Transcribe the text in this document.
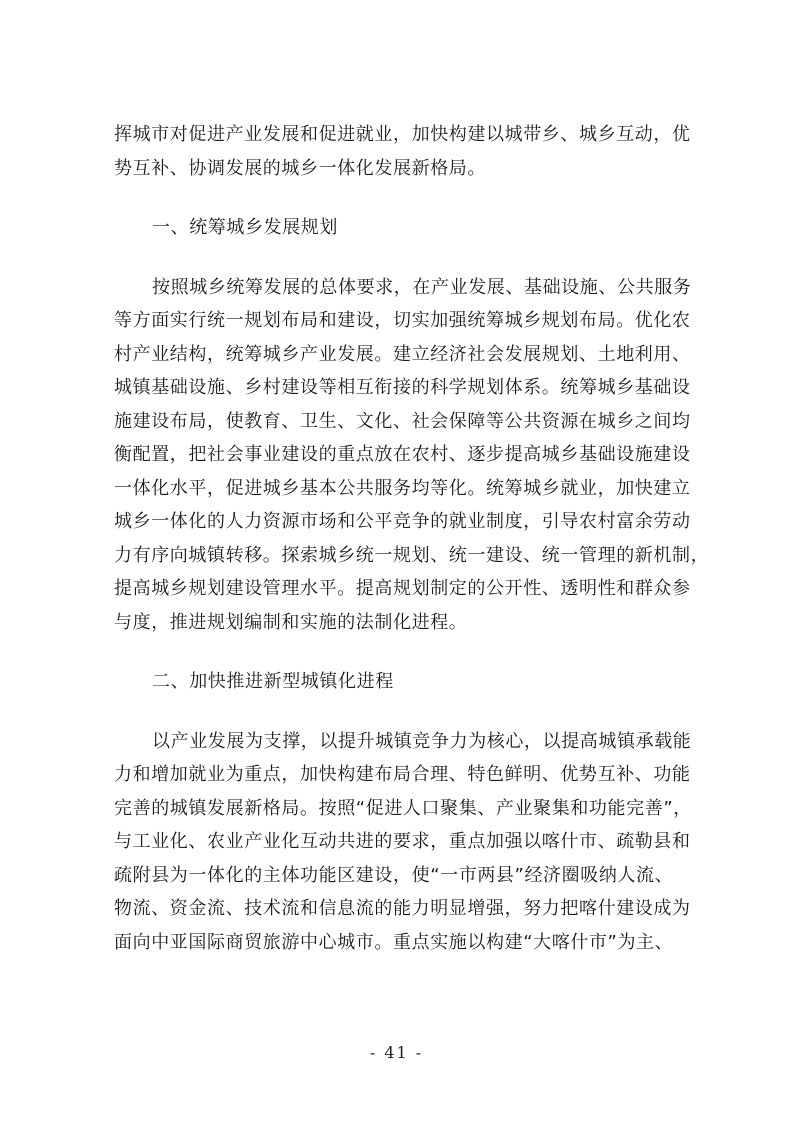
挥城市对促进产业发展和促进就业，加快构建以城带乡、城乡互动，优
势互补、协调发展的城乡一体化发展新格局。
一、统筹城乡发展规划
按照城乡统筹发展的总体要求，在产业发展、基础设施、公共服务
等方面实行统一规划布局和建设，切实加强统筹城乡规划布局。优化农
村产业结构，统筹城乡产业发展。建立经济社会发展规划、土地利用、
城镇基础设施、乡村建设等相互衔接的科学规划体系。统筹城乡基础设
施建设布局，使教育、卫生、文化、社会保障等公共资源在城乡之间均
衡配置，把社会事业建设的重点放在农村、逐步提高城乡基础设施建设
一体化水平，促进城乡基本公共服务均等化。统筹城乡就业，加快建立
城乡一体化的人力资源市场和公平竞争的就业制度，引导农村富余劳动
力有序向城镇转移。探索城乡统一规划、统一建设、统一管理的新机制，
提高城乡规划建设管理水平。提高规划制定的公开性、透明性和群众参
与度，推进规划编制和实施的法制化进程。
二、加快推进新型城镇化进程
以产业发展为支撑，以提升城镇竞争力为核心，以提高城镇承载能
力和增加就业为重点，加快构建布局合理、特色鲜明、优势互补、功能
完善的城镇发展新格局。按照“促进人口聚集、产业聚集和功能完善”，
与工业化、农业产业化互动共进的要求，重点加强以喀什市、疏勒县和
疏附县为一体化的主体功能区建设，使“一市两县”经济圈吸纳人流、
物流、资金流、技术流和信息流的能力明显增强，努力把喀什建设成为
面向中亚国际商贸旅游中心城市。重点实施以构建“大喀什市”为主、
- 41 -
